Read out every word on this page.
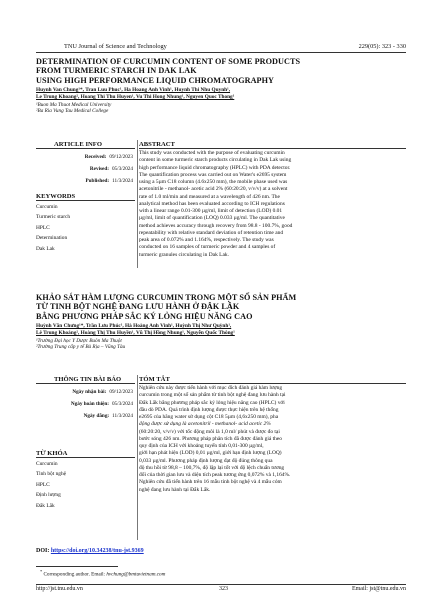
TNU Journal of Science and Technology	229(05): 323 - 330
DETERMINATION OF CURCUMIN CONTENT OF SOME PRODUCTS
FROM TURMERIC STARCH IN DAK LAK
USING HIGH PERFORMANCE LIQUID CHROMATOGRAPHY
Huynh Van Chung¹*, Tran Luu Phuc¹, Ha Hoang Anh Vinh¹, Huynh Thi Nhu Quynh¹,
Le Trung Khoang², Hoang Thi Thu Huyen¹, Vu Thi Hong Nhung¹, Nguyen Quoc Thong¹
¹Buon Ma Thuot Medical University
²Ba Ria Vung Tau Medical College
ARTICLE INFO
Received: 09/12/2023
Revised: 05/3/2024
Published: 11/3/2024
KEYWORDS
Curcumin
Turmeric starch
HPLC
Determination
Dak Lak
ABSTRACT
This study was conducted with the purpose of evaluating curcumin
content in some turmeric starch products circulating in Dak Lak using
high performance liquid chromatography (HPLC) with PDA detector.
The quantification process was carried out on Water's e2695 system
using a 5µm C18 column (4.6x250 mm), the mobile phase used was
acetonitrile - methanol- acetic acid 2% (60:20:20, v/v/v) at a solvent
rate of 1.0 ml/min and measured at a wavelength of 426 nm. The
analytical method has been evaluated according to ICH regulations
with a linear range 0.01-300 µg/ml, limit of detection (LOD) 0.01
µg/ml, limit of quantification (LOQ) 0.033 µg/ml. The quantitative
method achieves accuracy through recovery from 98.8 - 100.7%, good
repeatability with relative standard deviation of retention time and
peak area of 0.072% and 1.164%, respectively. The study was
conducted on 16 samples of turmeric powder and 4 samples of
turmeric granules circulating in Dak Lak.
KHẢO SÁT HÀM LƯỢNG CURCUMIN TRONG MỘT SỐ SẢN PHẨM
TỪ TINH BỘT NGHỆ ĐANG LƯU HÀNH Ở ĐẬK LẬK
BẰNG PHƯƠNG PHÁP SẮC KÝ LỎNG HIỆU NĂNG CAO
Huỳnh Văn Chưng¹*, Trần Lưu Phúc¹, Hà Hoàng Anh Vinh¹, Huỳnh Thị Như Quỳnh¹,
Lê Trung Khoáng², Hoàng Thị Thu Huyền¹, Vũ Thị Hồng Nhung¹, Nguyễn Quốc Thông¹
¹Trường Đại học Y Dược Buôn Ma Thuột
²Trường Trung cấp y tế Bà Rịa – Vũng Tàu
THÔNG TIN BÀI BÁO
Ngày nhận bài: 09/12/2023
Ngày hoàn thiện: 05/3/2024
Ngày đăng: 11/3/2024
TỪ KHÓA
Curcumin
Tinh bột nghệ
HPLC
Định lượng
Đắk Lắk
TÓM TẮT
Nghiên cứu này được tiến hành với mục đích đánh giá hàm lượng
curcumin trong một số sản phẩm từ tinh bột nghệ đang lưu hành tại
Đắk Lắk bằng phương pháp sắc ký lỏng hiệu năng cao (HPLC) với
đầu dò PDA. Quá trình định lượng được thực hiện trên hệ thống
e2695 của hãng water sử dụng cột C18 5µm (4,6x250 mm), pha
động được sử dụng là acetonitril - methanol- acid acetic 2%
(60:20:20, v/v/v) với tốc động môi là 1,0 ml/ phút và được đo tại
bước sóng 426 nm. Phương pháp phân tích đã được đánh giá theo
quy định của ICH với khoảng tuyến tính 0,01-300 µg/ml,
giới hạn phát hiện (LOD) 0,01 µg/ml, giới hạn định lượng (LOQ)
0,033 µg/ml. Phương pháp định lượng đạt độ đúng thông qua
độ thu hồi từ 98,8 – 100,7%, độ lặp lại tốt với độ lệch chuẩn tương
đối của thời gian lưu và diện tích peak tương ứng 0,072% và 1,164%.
Nghiên cứu đã tiến hành trên 16 mẫu tinh bột nghệ và 4 mẫu cóm
nghệ đang lưu hành tại Đắk Lắk.
DOI: https://doi.org/10.34238/tnu-jst.9369
* Corresponding author. Email: hvchung@bmtuvietnam.com
http://jst.tnu.edu.vn	323	Email: jst@tnu.edu.vn
